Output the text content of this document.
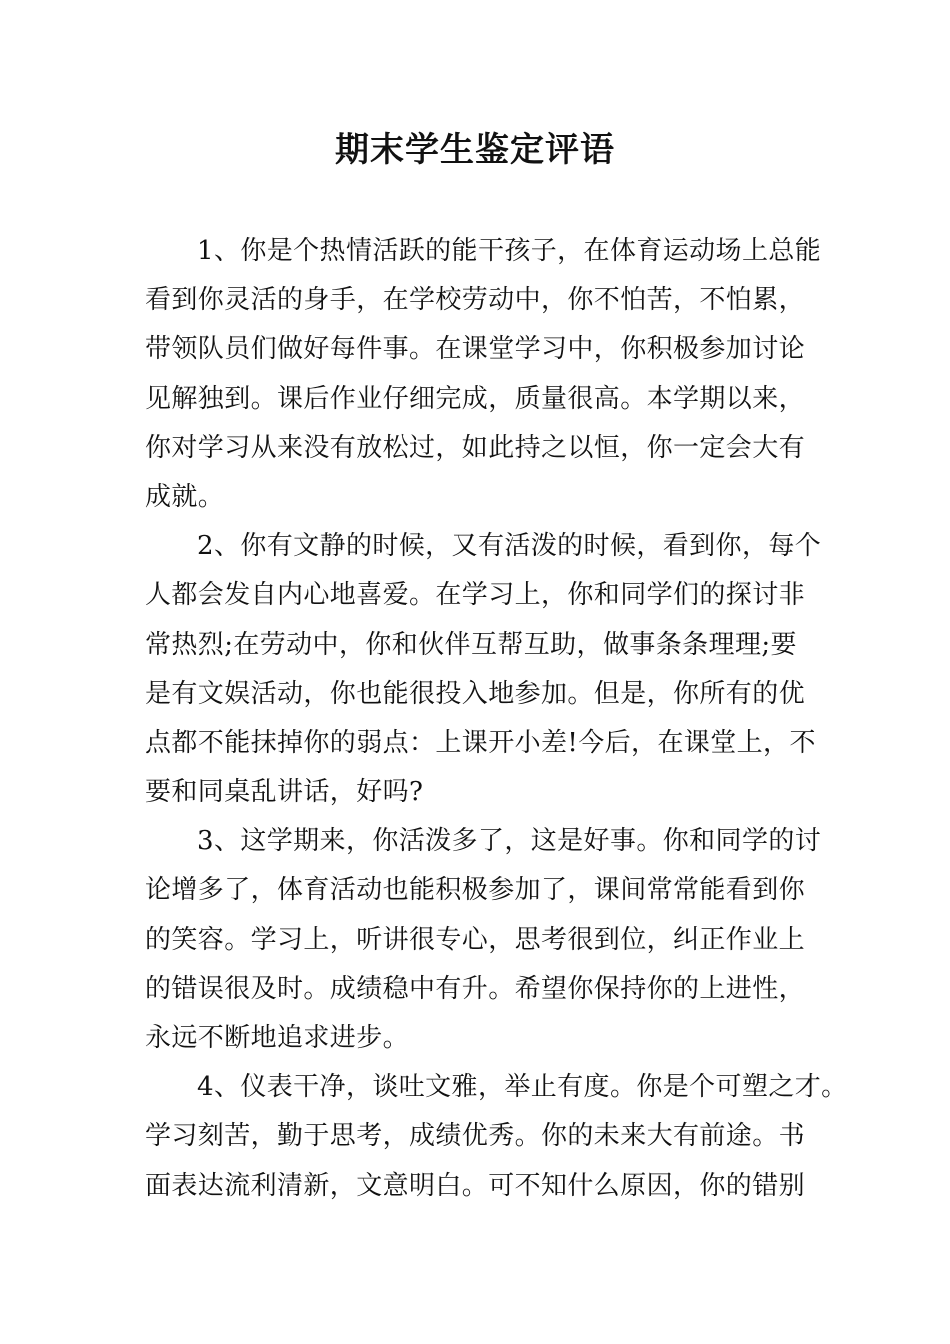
期末学生鉴定评语
1、你是个热情活跃的能干孩子，在体育运动场上总能
看到你灵活的身手，在学校劳动中，你不怕苦，不怕累，
带领队员们做好每件事。在课堂学习中，你积极参加讨论
见解独到。课后作业仔细完成，质量很高。本学期以来，
你对学习从来没有放松过，如此持之以恒，你一定会大有
成就。
2、你有文静的时候，又有活泼的时候，看到你，每个
人都会发自内心地喜爱。在学习上，你和同学们的探讨非
常热烈;在劳动中，你和伙伴互帮互助，做事条条理理;要
是有文娱活动，你也能很投入地参加。但是，你所有的优
点都不能抹掉你的弱点：上课开小差!今后，在课堂上，不
要和同桌乱讲话，好吗?
3、这学期来，你活泼多了，这是好事。你和同学的讨
论增多了，体育活动也能积极参加了，课间常常能看到你
的笑容。学习上，听讲很专心，思考很到位，纠正作业上
的错误很及时。成绩稳中有升。希望你保持你的上进性，
永远不断地追求进步。
4、仪表干净，谈吐文雅，举止有度。你是个可塑之才。
学习刻苦，勤于思考，成绩优秀。你的未来大有前途。书
面表达流利清新，文意明白。可不知什么原因，你的错别
